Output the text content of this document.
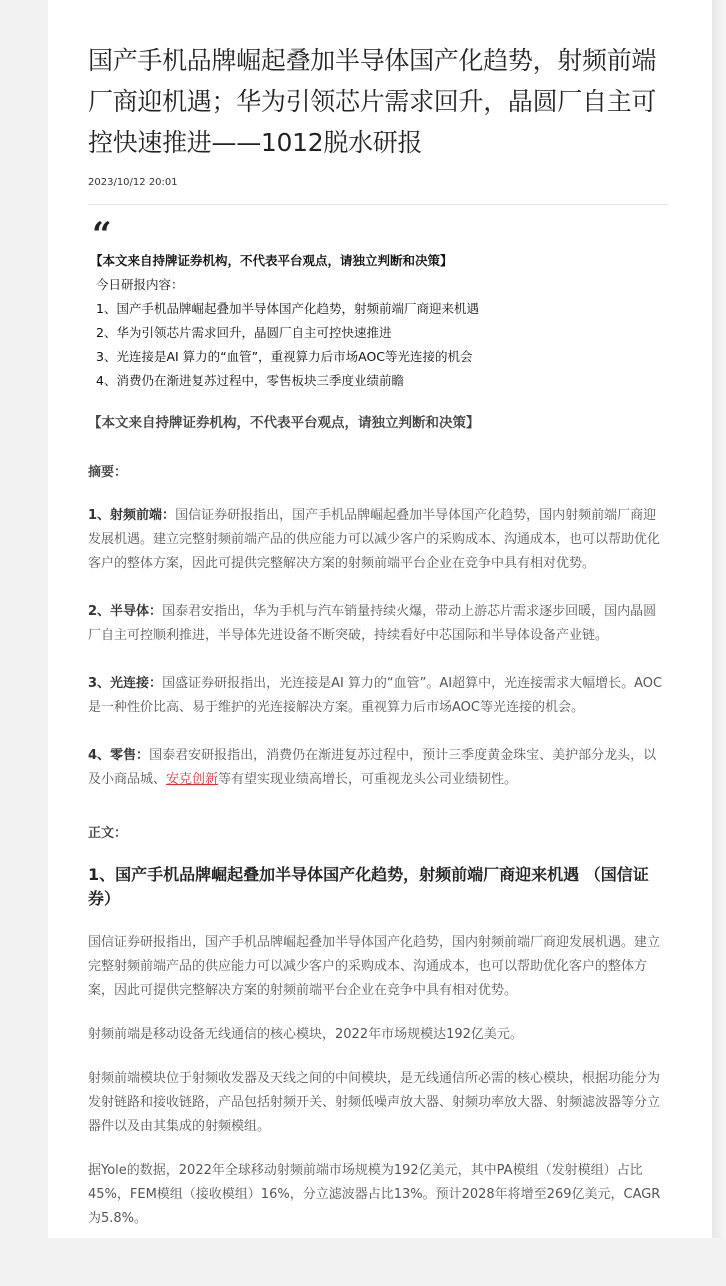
国产手机品牌崛起叠加半导体国产化趋势，射频前端厂商迎机遇；华为引领芯片需求回升，晶圆厂自主可控快速推进——1012脱水研报
2023/10/12 20:01
“
【本文来自持牌证券机构，不代表平台观点，请独立判断和决策】
今日研报内容：
1、国产手机品牌崛起叠加半导体国产化趋势，射频前端厂商迎来机遇
2、华为引领芯片需求回升，晶圆厂自主可控快速推进
3、光连接是AI 算力的“血管”，重视算力后市场AOC等光连接的机会
4、消费仍在渐进复苏过程中，零售板块三季度业绩前瞻
【本文来自持牌证券机构，不代表平台观点，请独立判断和决策】
摘要：

1、射频前端：国信证券研报指出，国产手机品牌崛起叠加半导体国产化趋势，国内射频前端厂商迎发展机遇。建立完整射频前端产品的供应能力可以减少客户的采购成本、沟通成本，也可以帮助优化客户的整体方案，因此可提供完整解决方案的射频前端平台企业在竞争中具有相对优势。

2、半导体：国泰君安指出，华为手机与汽车销量持续火爆，带动上游芯片需求逐步回暖，国内晶圆厂自主可控顺利推进，半导体先进设备不断突破，持续看好中芯国际和半导体设备产业链。

3、光连接：国盛证券研报指出，光连接是AI 算力的“血管”。AI超算中，光连接需求大幅增长。AOC是一种性价比高、易于维护的光连接解决方案。重视算力后市场AOC等光连接的机会。

4、零售：国泰君安研报指出，消费仍在渐进复苏过程中，预计三季度黄金珠宝、美护部分龙头，以及小商品城、安克创新等有望实现业绩高增长，可重视龙头公司业绩韧性。

正文：
1、国产手机品牌崛起叠加半导体国产化趋势，射频前端厂商迎来机遇 （国信证券）

国信证券研报指出，国产手机品牌崛起叠加半导体国产化趋势，国内射频前端厂商迎发展机遇。建立完整射频前端产品的供应能力可以减少客户的采购成本、沟通成本，也可以帮助优化客户的整体方案，因此可提供完整解决方案的射频前端平台企业在竞争中具有相对优势。

射频前端是移动设备无线通信的核心模块，2022年市场规模达192亿美元。

射频前端模块位于射频收发器及天线之间的中间模块，是无线通信所必需的核心模块，根据功能分为发射链路和接收链路，产品包括射频开关、射频低噪声放大器、射频功率放大器、射频滤波器等分立器件以及由其集成的射频模组。

据Yole的数据，2022年全球移动射频前端市场规模为192亿美元，其中PA模组（发射模组）占比45%，FEM模组（接收模组）16%，分立滤波器占比13%。预计2028年将增至269亿美元，CAGR为5.8%。
